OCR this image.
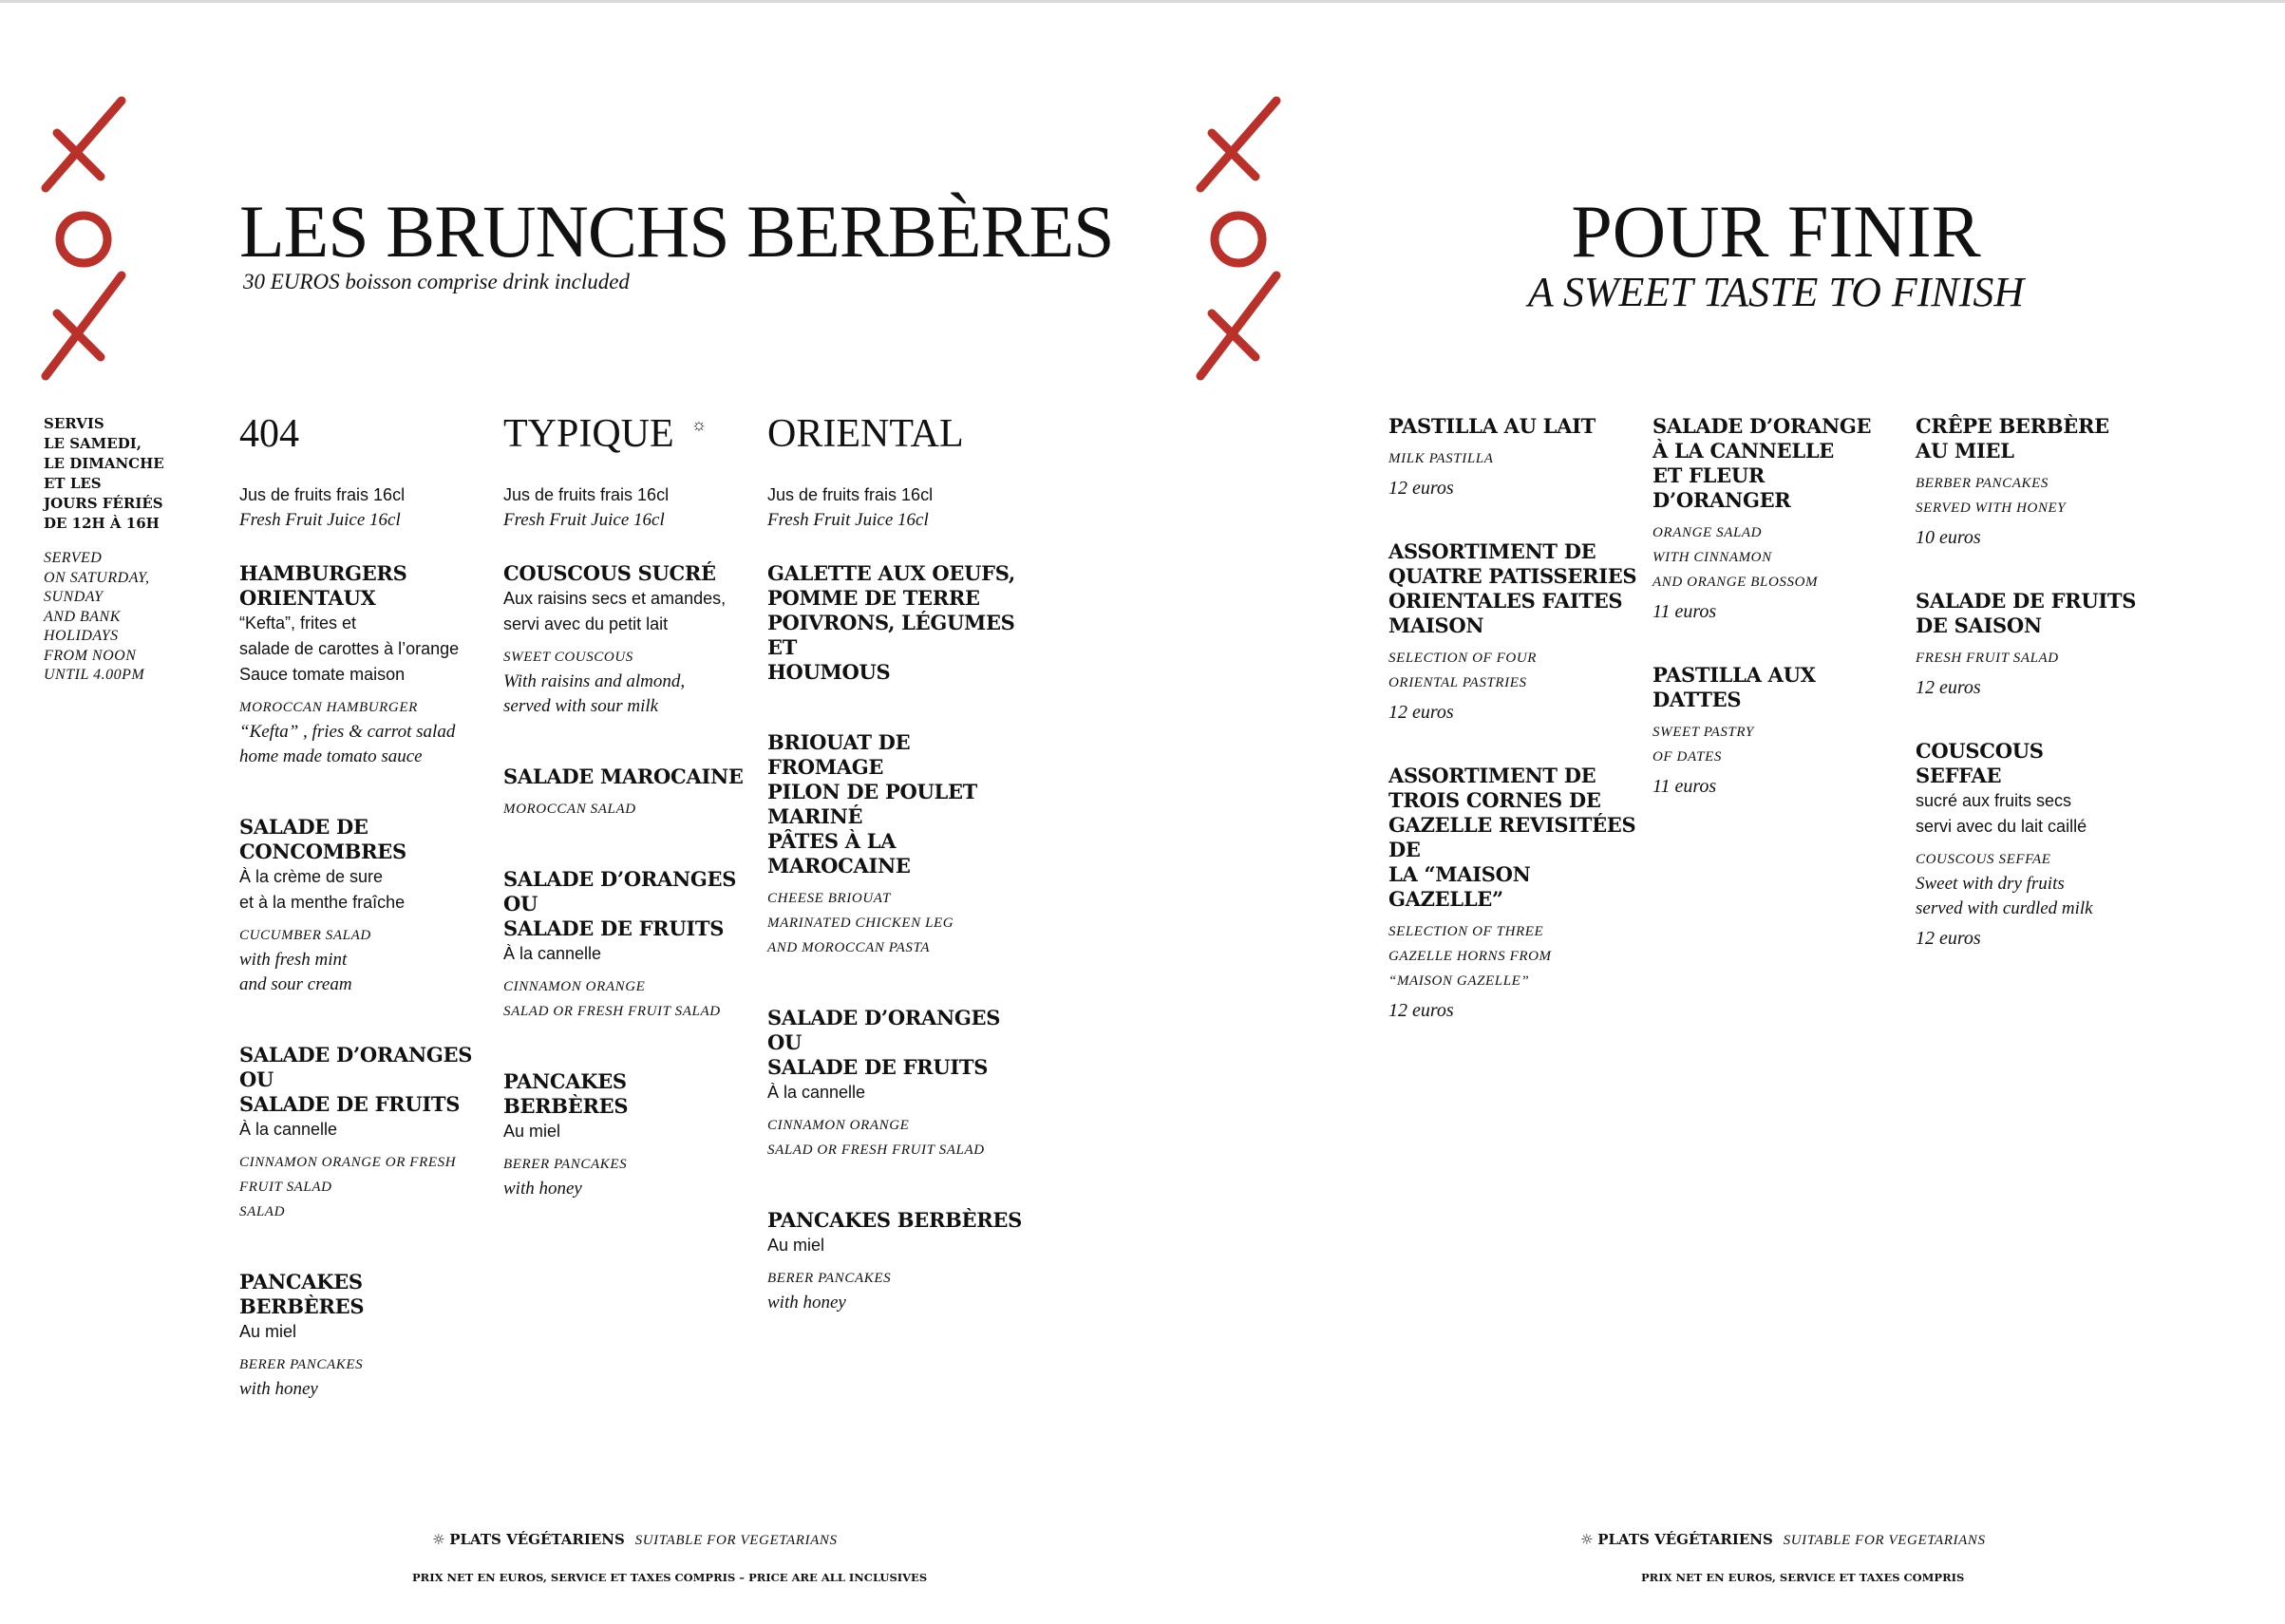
LES BRUNCHS BERBÈRES
30 EUROS boisson comprise drink included
SERVIS
LE SAMEDI,
LE DIMANCHE
ET LES
JOURS FÉRIÉS
DE 12H À 16H
SERVED
ON SATURDAY,
SUNDAY
AND BANK
HOLIDAYS
FROM NOON
UNTIL 4.00PM
404
Jus de fruits frais 16cl
Fresh Fruit Juice 16cl
HAMBURGERS
ORIENTAUX
“Kefta”, frites et
salade de carottes à l’orange
Sauce tomate maison
MOROCCAN HAMBURGER
“Kefta” , fries & carrot salad
home made tomato sauce
SALADE DE CONCOMBRES
À la crème de sure
et à la menthe fraîche
CUCUMBER SALAD
with fresh mint
and sour cream
SALADE D’ORANGES OU
SALADE DE FRUITS
À la cannelle
CINNAMON ORANGE OR FRESH
FRUIT SALAD
SALAD
PANCAKES BERBÈRES
Au miel
BERER PANCAKES
with honey
TYPIQUE ☼
Jus de fruits frais 16cl
Fresh Fruit Juice 16cl
COUSCOUS SUCRÉ
Aux raisins secs et amandes,
servi avec du petit lait
SWEET COUSCOUS
With raisins and almond,
served with sour milk
SALADE MAROCAINE
MOROCCAN SALAD
SALADE D’ORANGES OU
SALADE DE FRUITS
À la cannelle
CINNAMON ORANGE
SALAD OR FRESH FRUIT SALAD
PANCAKES BERBÈRES
Au miel
BERER PANCAKES
with honey
ORIENTAL
Jus de fruits frais 16cl
Fresh Fruit Juice 16cl
GALETTE AUX OEUFS,
POMME DE TERRE
POIVRONS, LÉGUMES ET
HOUMOUS
BRIOUAT DE FROMAGE
PILON DE POULET
MARINÉ
PÂTES À LA MAROCAINE
CHEESE BRIOUAT
MARINATED CHICKEN LEG
AND MOROCCAN PASTA
SALADE D’ORANGES OU
SALADE DE FRUITS
À la cannelle
CINNAMON ORANGE
SALAD OR FRESH FRUIT SALAD
PANCAKES BERBÈRES
Au miel
BERER PANCAKES
with honey
POUR FINIR
A SWEET TASTE TO FINISH
PASTILLA AU LAIT
MILK PASTILLA
12 euros
ASSORTIMENT DE
QUATRE PATISSERIES
ORIENTALES FAITES
MAISON
SELECTION OF FOUR
ORIENTAL PASTRIES
12 euros
ASSORTIMENT DE
TROIS CORNES DE
GAZELLE REVISITÉES DE
LA “MAISON GAZELLE”
SELECTION OF THREE
GAZELLE HORNS FROM
“MAISON GAZELLE”
12 euros
SALADE D’ORANGE
À LA CANNELLE
ET FLEUR D’ORANGER
ORANGE SALAD
WITH CINNAMON
AND ORANGE BLOSSOM
11 euros
PASTILLA AUX DATTES
SWEET PASTRY
OF DATES
11 euros
CRÊPE BERBÈRE
AU MIEL
BERBER PANCAKES
SERVED WITH HONEY
10 euros
SALADE DE FRUITS
DE SAISON
FRESH FRUIT SALAD
12 euros
COUSCOUS
SEFFAE
sucré aux fruits secs
servi avec du lait caillé
COUSCOUS SEFFAE
Sweet with dry fruits
served with curdled milk
12 euros
☼ PLATS VÉGÉTARIENS SUITABLE FOR VEGETARIANS
PRIX NET EN EUROS, SERVICE ET TAXES COMPRIS – PRICE ARE ALL INCLUSIVES
☼ PLATS VÉGÉTARIENS SUITABLE FOR VEGETARIANS
PRIX NET EN EUROS, SERVICE ET TAXES COMPRIS
